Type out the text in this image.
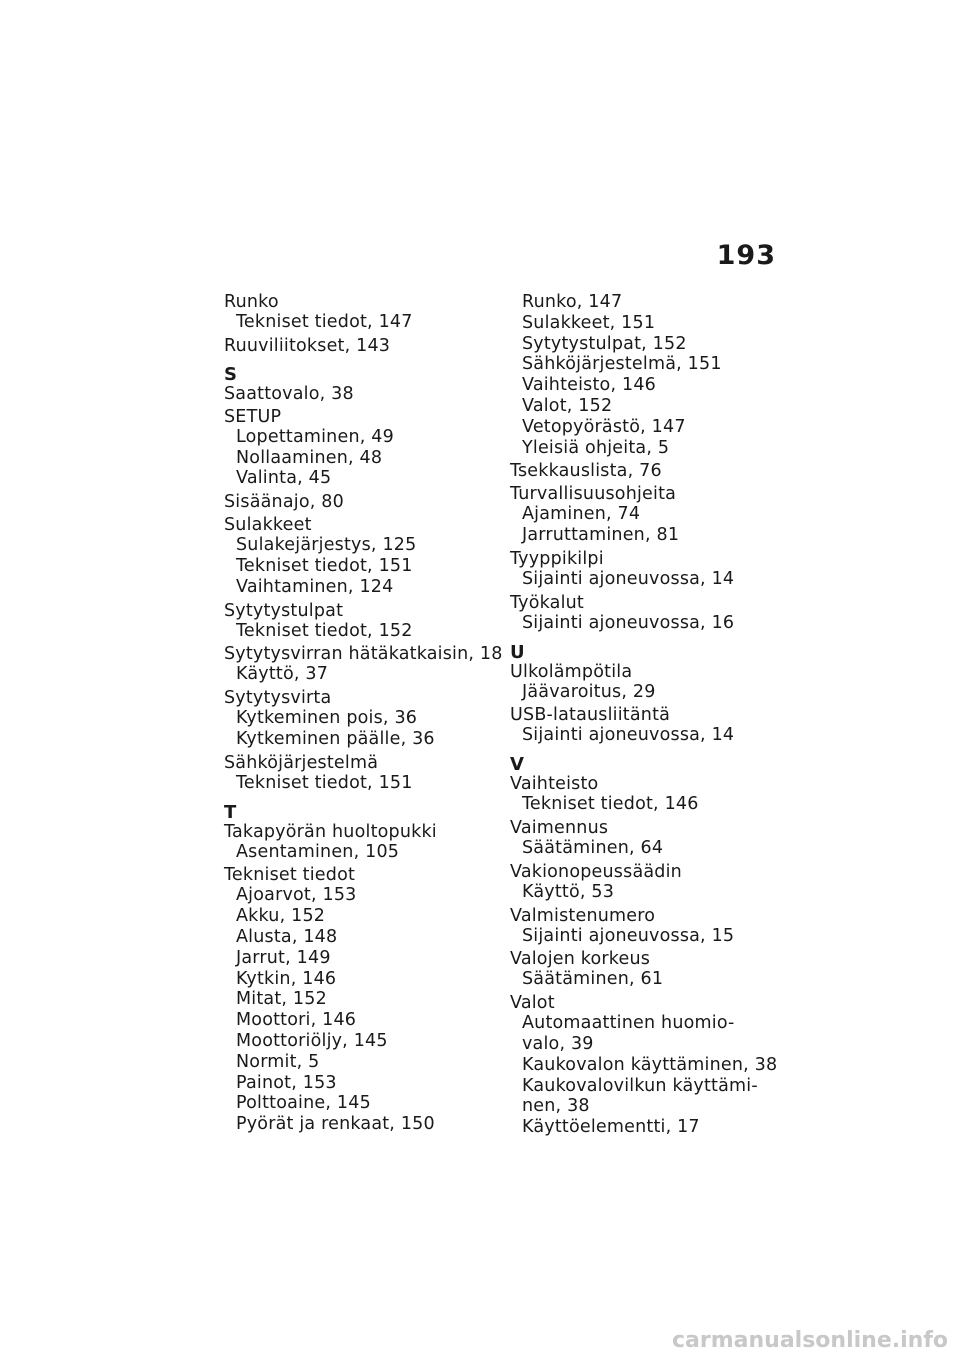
193
Runko
Tekniset tiedot, 147
Ruuviliitokset, 143
S
Saattovalo, 38
SETUP
Lopettaminen, 49
Nollaaminen, 48
Valinta, 45
Sisäänajo, 80
Sulakkeet
Sulakejärjestys, 125
Tekniset tiedot, 151
Vaihtaminen, 124
Sytytystulpat
Tekniset tiedot, 152
Sytytysvirran hätäkatkaisin, 18
Käyttö, 37
Sytytysvirta
Kytkeminen pois, 36
Kytkeminen päälle, 36
Sähköjärjestelmä
Tekniset tiedot, 151
T
Takapyörän huoltopukki
Asentaminen, 105
Tekniset tiedot
Ajoarvot, 153
Akku, 152
Alusta, 148
Jarrut, 149
Kytkin, 146
Mitat, 152
Moottori, 146
Moottoriöljy, 145
Normit, 5
Painot, 153
Polttoaine, 145
Pyörät ja renkaat, 150
Runko, 147
Sulakkeet, 151
Sytytystulpat, 152
Sähköjärjestelmä, 151
Vaihteisto, 146
Valot, 152
Vetopyörästö, 147
Yleisiä ohjeita, 5
Tsekkauslista, 76
Turvallisuusohjeita
Ajaminen, 74
Jarruttaminen, 81
Tyyppikilpi
Sijainti ajoneuvossa, 14
Työkalut
Sijainti ajoneuvossa, 16
U
Ulkolämpötila
Jäävaroitus, 29
USB-latausliitäntä
Sijainti ajoneuvossa, 14
V
Vaihteisto
Tekniset tiedot, 146
Vaimennus
Säätäminen, 64
Vakionopeussäädin
Käyttö, 53
Valmistenumero
Sijainti ajoneuvossa, 15
Valojen korkeus
Säätäminen, 61
Valot
Automaattinen huomio-
valo, 39
Kaukovalon käyttäminen, 38
Kaukovalovilkun käyttämi-
nen, 38
Käyttöelementti, 17
carmanualsonline.info
